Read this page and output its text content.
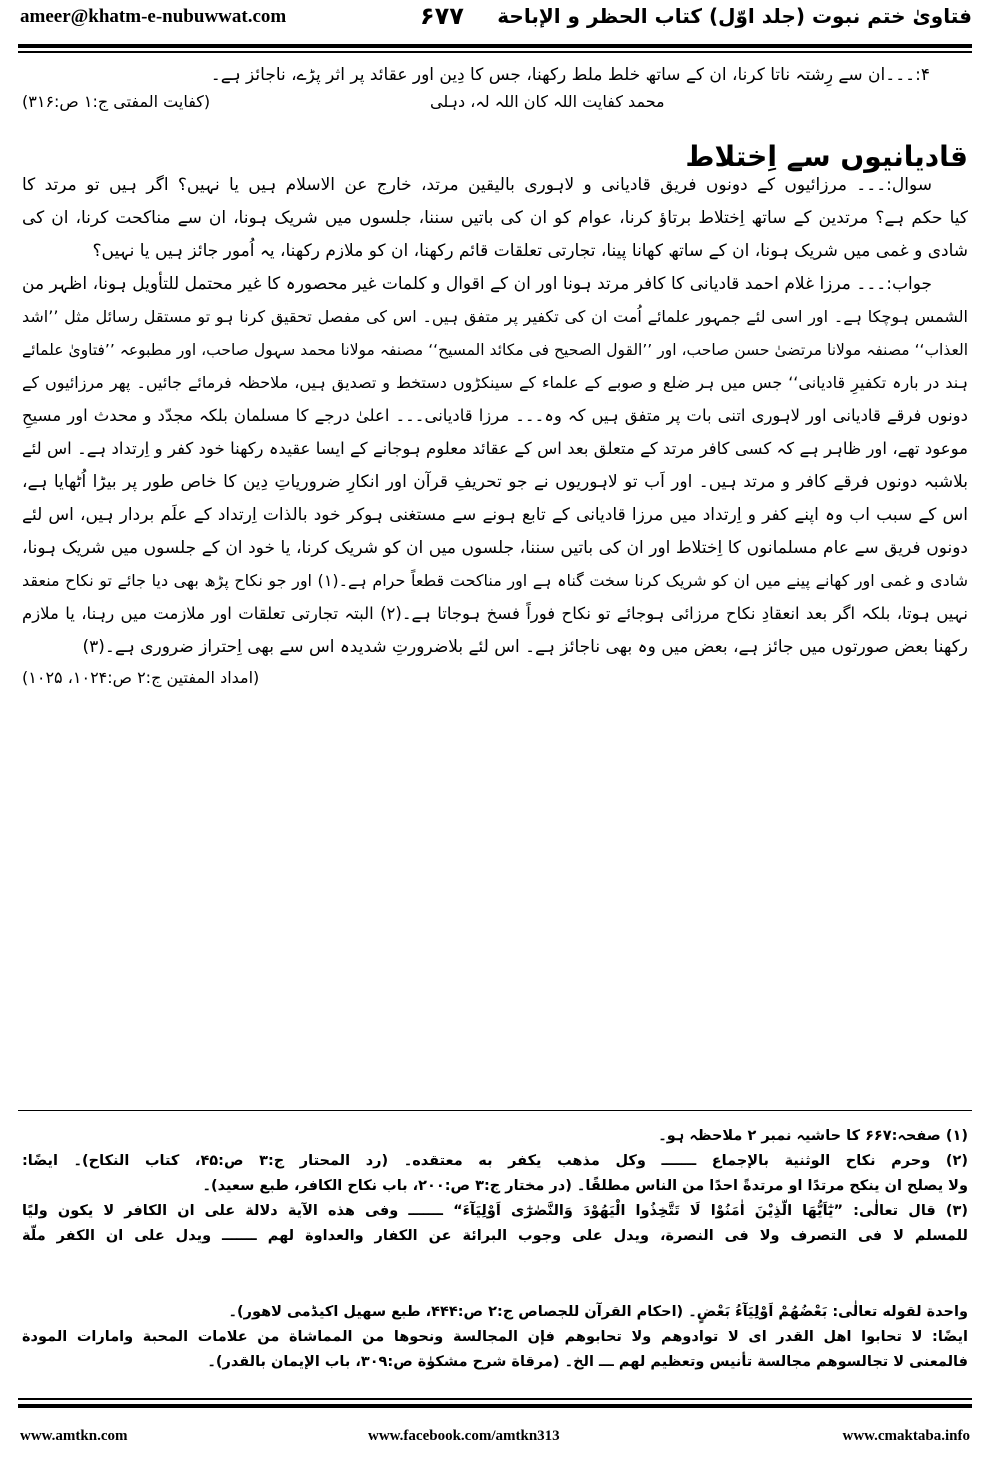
ameer@khatm-e-nubuwwat.com	۶۷۷ فتاویٰ ختم نبوت (جلد اوّل) کتاب الحظر و الإباحة
۴:۔۔۔ان سے رِشتہ ناتا کرنا، ان کے ساتھ خلط ملط رکھنا، جس کا دِین اور عقائد پر اثر پڑے، ناجائز ہے۔
محمد کفایت اللہ کان اللہ لہ، دہلی
(کفایت المفتی ج:۱ ص:۳۱۶)
قادیانیوں سے اِختلاط
سوال:۔۔۔ مرزائیوں کے دونوں فریق قادیانی و لاہوری بالیقین مرتد، خارج عن الاسلام ہیں یا نہیں؟ اگر ہیں تو مرتد کا
کیا حکم ہے؟ مرتدین کے ساتھ اِختلاط برتاؤ کرنا، عوام کو ان کی باتیں سننا، جلسوں میں شریک ہونا، ان سے مناکحت کرنا، ان کی
شادی و غمی میں شریک ہونا، ان کے ساتھ کھانا پینا، تجارتی تعلقات قائم رکھنا، ان کو ملازم رکھنا، یہ اُمور جائز ہیں یا نہیں؟
جواب:۔۔۔ مرزا غلام احمد قادیانی کا کافر مرتد ہونا اور ان کے اقوال و کلمات غیر محصورہ کا غیر محتمل للتأویل ہونا، اظہر من
الشمس ہوچکا ہے۔ اور اسی لئے جمہور علمائے اُمت ان کی تکفیر پر متفق ہیں۔ اس کی مفصل تحقیق کرنا ہو تو مستقل رسائل مثل ’’اشد
العذاب‘‘ مصنفہ مولانا مرتضیٰ حسن صاحب، اور ’’القول الصحیح فی مکائد المسیح‘‘ مصنفہ مولانا محمد سہول صاحب، اور مطبوعہ ’’فتاویٰ علمائے
ہند در بارہ تکفیرِ قادیانی‘‘ جس میں ہر ضلع و صوبے کے علماء کے سینکڑوں دستخط و تصدیق ہیں، ملاحظہ فرمائے جائیں۔ پھر مرزائیوں کے
دونوں فرقے قادیانی اور لاہوری اتنی بات پر متفق ہیں کہ وہ۔۔۔ مرزا قادیانی۔۔۔ اعلیٰ درجے کا مسلمان بلکہ مجدّد و محدث اور مسیحِ
موعود تھے، اور ظاہر ہے کہ کسی کافر مرتد کے متعلق بعد اس کے عقائد معلوم ہوجانے کے ایسا عقیدہ رکھنا خود کفر و اِرتداد ہے۔ اس لئے
بلاشبہ دونوں فرقے کافر و مرتد ہیں۔ اور اَب تو لاہوریوں نے جو تحریفِ قرآن اور انکارِ ضروریاتِ دِین کا خاص طور پر بیڑا اُٹھایا ہے،
اس کے سبب اب وہ اپنے کفر و اِرتداد میں مرزا قادیانی کے تابع ہونے سے مستغنی ہوکر خود بالذات اِرتداد کے علَم بردار ہیں، اس لئے
دونوں فریق سے عام مسلمانوں کا اِختلاط اور ان کی باتیں سننا، جلسوں میں ان کو شریک کرنا، یا خود ان کے جلسوں میں شریک ہونا،
شادی و غمی اور کھانے پینے میں ان کو شریک کرنا سخت گناہ ہے اور مناکحت قطعاً حرام ہے۔(۱) اور جو نکاح پڑھ بھی دیا جائے تو نکاح منعقد
نہیں ہوتا، بلکہ اگر بعد انعقادِ نکاح مرزائی ہوجائے تو نکاح فوراً فسخ ہوجاتا ہے۔(۲) البتہ تجارتی تعلقات اور ملازمت میں رہنا، یا ملازم
رکھنا بعض صورتوں میں جائز ہے، بعض میں وہ بھی ناجائز ہے۔ اس لئے بلاضرورتِ شدیدہ اس سے بھی اِحتراز ضروری ہے۔(۳)
(امداد المفتین ج:۲ ص:۱۰۲۴، ۱۰۲۵)
(۱) صفحہ:۶۶۷ کا حاشیہ نمبر ۲ ملاحظہ ہو۔
(۲) وحرم نکاح الوثنیة بالإجماع ـــــــ وکل مذهب یکفر به معتقده۔ (رد المحتار ج:۳ ص:۴۵، کتاب النکاح)۔ ایضًا:
ولا یصلح ان ینکح مرتدًا او مرتدةً احدًا من الناس مطلقًا۔ (در مختار ج:۳ ص:۲۰۰، باب نکاح الکافر، طبع سعید)۔
(۳) قال تعالٰی: ”یٰٓاَیُّهَا الَّذِیْنَ اٰمَنُوْا لَا تَتَّخِذُوا الْیَهُوْدَ وَالنَّصٰرٰٓی اَوْلِیَآءَ“ ـــــــ وفی هذه الآیة دلالة علی ان الکافر لا یکون ولیًا
للمسلم لا فی التصرف ولا فی النصرة، ویدل علی وجوب البرائة عن الکفار والعداوة لهم ـــــــ ویدل علی ان الکفر ملّة
واحدة لقوله تعالٰی: بَعْضُهُمْ اَوْلِیَآءُ بَعْضٍ۔ (احکام القرآن للجصاص ج:۲ ص:۴۴۴، طبع سهیل اکیڈمی لاهور)۔
ایضًا: لا تحابوا اهل القدر ای لا توادوهم ولا تحابوهم فإن المجالسة ونحوها من المماشاة من علامات المحبة وامارات المودة
فالمعنی لا تجالسوهم مجالسة تأنیس وتعظیم لهم ـــ الخ۔ (مرقاة شرح مشکوٰة ص:۳۰۹، باب الإیمان بالقدر)۔
www.amtkn.com	www.facebook.com/amtkn313	www.cmaktaba.info
